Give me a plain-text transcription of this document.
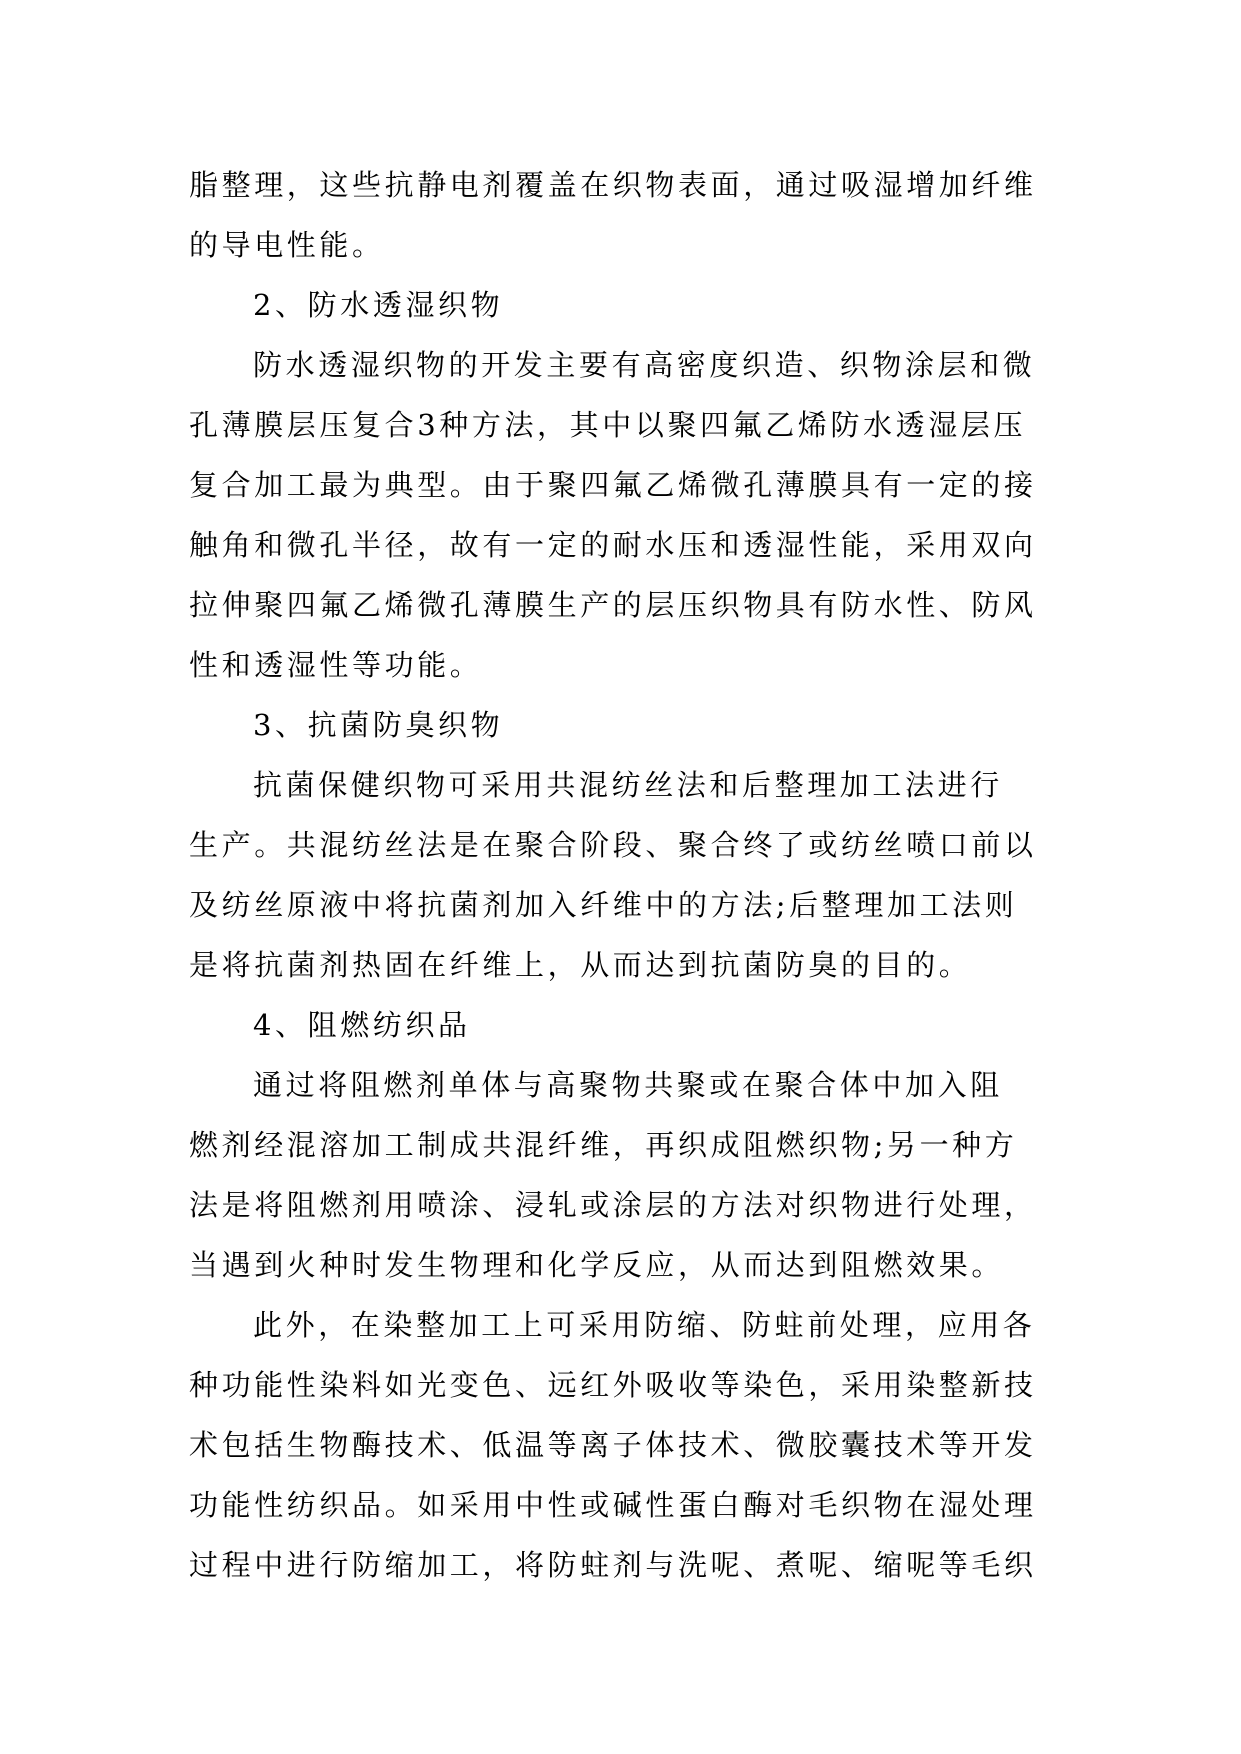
脂整理，这些抗静电剂覆盖在织物表面，通过吸湿增加纤维

的导电性能。

2、防水透湿织物

防水透湿织物的开发主要有高密度织造、织物涂层和微

孔薄膜层压复合3种方法，其中以聚四氟乙烯防水透湿层压

复合加工最为典型。由于聚四氟乙烯微孔薄膜具有一定的接

触角和微孔半径，故有一定的耐水压和透湿性能，采用双向

拉伸聚四氟乙烯微孔薄膜生产的层压织物具有防水性、防风

性和透湿性等功能。

3、抗菌防臭织物

抗菌保健织物可采用共混纺丝法和后整理加工法进行

生产。共混纺丝法是在聚合阶段、聚合终了或纺丝喷口前以

及纺丝原液中将抗菌剂加入纤维中的方法;后整理加工法则

是将抗菌剂热固在纤维上，从而达到抗菌防臭的目的。

4、阻燃纺织品

通过将阻燃剂单体与高聚物共聚或在聚合体中加入阻

燃剂经混溶加工制成共混纤维，再织成阻燃织物;另一种方

法是将阻燃剂用喷涂、浸轧或涂层的方法对织物进行处理，

当遇到火种时发生物理和化学反应，从而达到阻燃效果。

此外，在染整加工上可采用防缩、防蛀前处理，应用各

种功能性染料如光变色、远红外吸收等染色，采用染整新技

术包括生物酶技术、低温等离子体技术、微胶囊技术等开发

功能性纺织品。如采用中性或碱性蛋白酶对毛织物在湿处理

过程中进行防缩加工，将防蛀剂与洗呢、煮呢、缩呢等毛织
